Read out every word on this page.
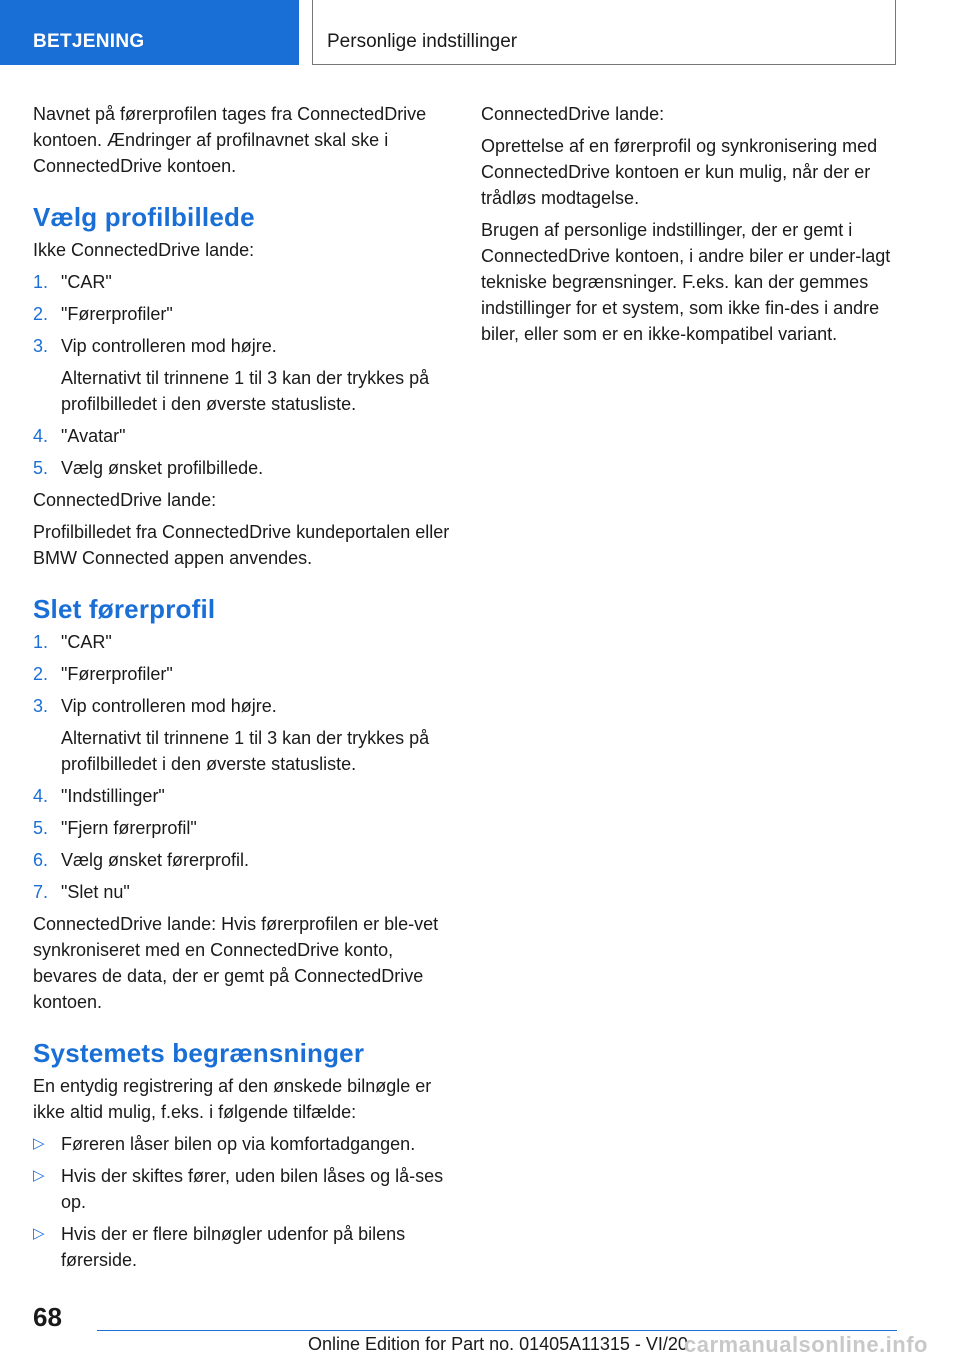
BETJENING	Personlige indstillinger
Navnet på førerprofilen tages fra ConnectedDrive kontoen. Ændringer af profilnavnet skal ske i ConnectedDrive kontoen.
Vælg profilbillede
Ikke ConnectedDrive lande:
1. "CAR"
2. "Førerprofiler"
3. Vip controlleren mod højre.
Alternativt til trinnene 1 til 3 kan der trykkes på profilbilledet i den øverste statusliste.
4. "Avatar"
5. Vælg ønsket profilbillede.
ConnectedDrive lande:
Profilbilledet fra ConnectedDrive kundeportalen eller BMW Connected appen anvendes.
Slet førerprofil
1. "CAR"
2. "Førerprofiler"
3. Vip controlleren mod højre.
Alternativt til trinnene 1 til 3 kan der trykkes på profilbilledet i den øverste statusliste.
4. "Indstillinger"
5. "Fjern førerprofil"
6. Vælg ønsket førerprofil.
7. "Slet nu"
ConnectedDrive lande: Hvis førerprofilen er ble-vet synkroniseret med en ConnectedDrive konto, bevares de data, der er gemt på ConnectedDrive kontoen.
Systemets begrænsninger
En entydig registrering af den ønskede bilnøgle er ikke altid mulig, f.eks. i følgende tilfælde:
▷ Føreren låser bilen op via komfortadgangen.
▷ Hvis der skiftes fører, uden bilen låses og lå-ses op.
▷ Hvis der er flere bilnøgler udenfor på bilens førerside.
ConnectedDrive lande:
Oprettelse af en førerprofil og synkronisering med ConnectedDrive kontoen er kun mulig, når der er trådløs modtagelse.
Brugen af personlige indstillinger, der er gemt i ConnectedDrive kontoen, i andre biler er under-lagt tekniske begrænsninger. F.eks. kan der gemmes indstillinger for et system, som ikke fin-des i andre biler, eller som er en ikke-kompatibel variant.
68
Online Edition for Part no. 01405A11315 - VI/20
carmanualsonline.info
